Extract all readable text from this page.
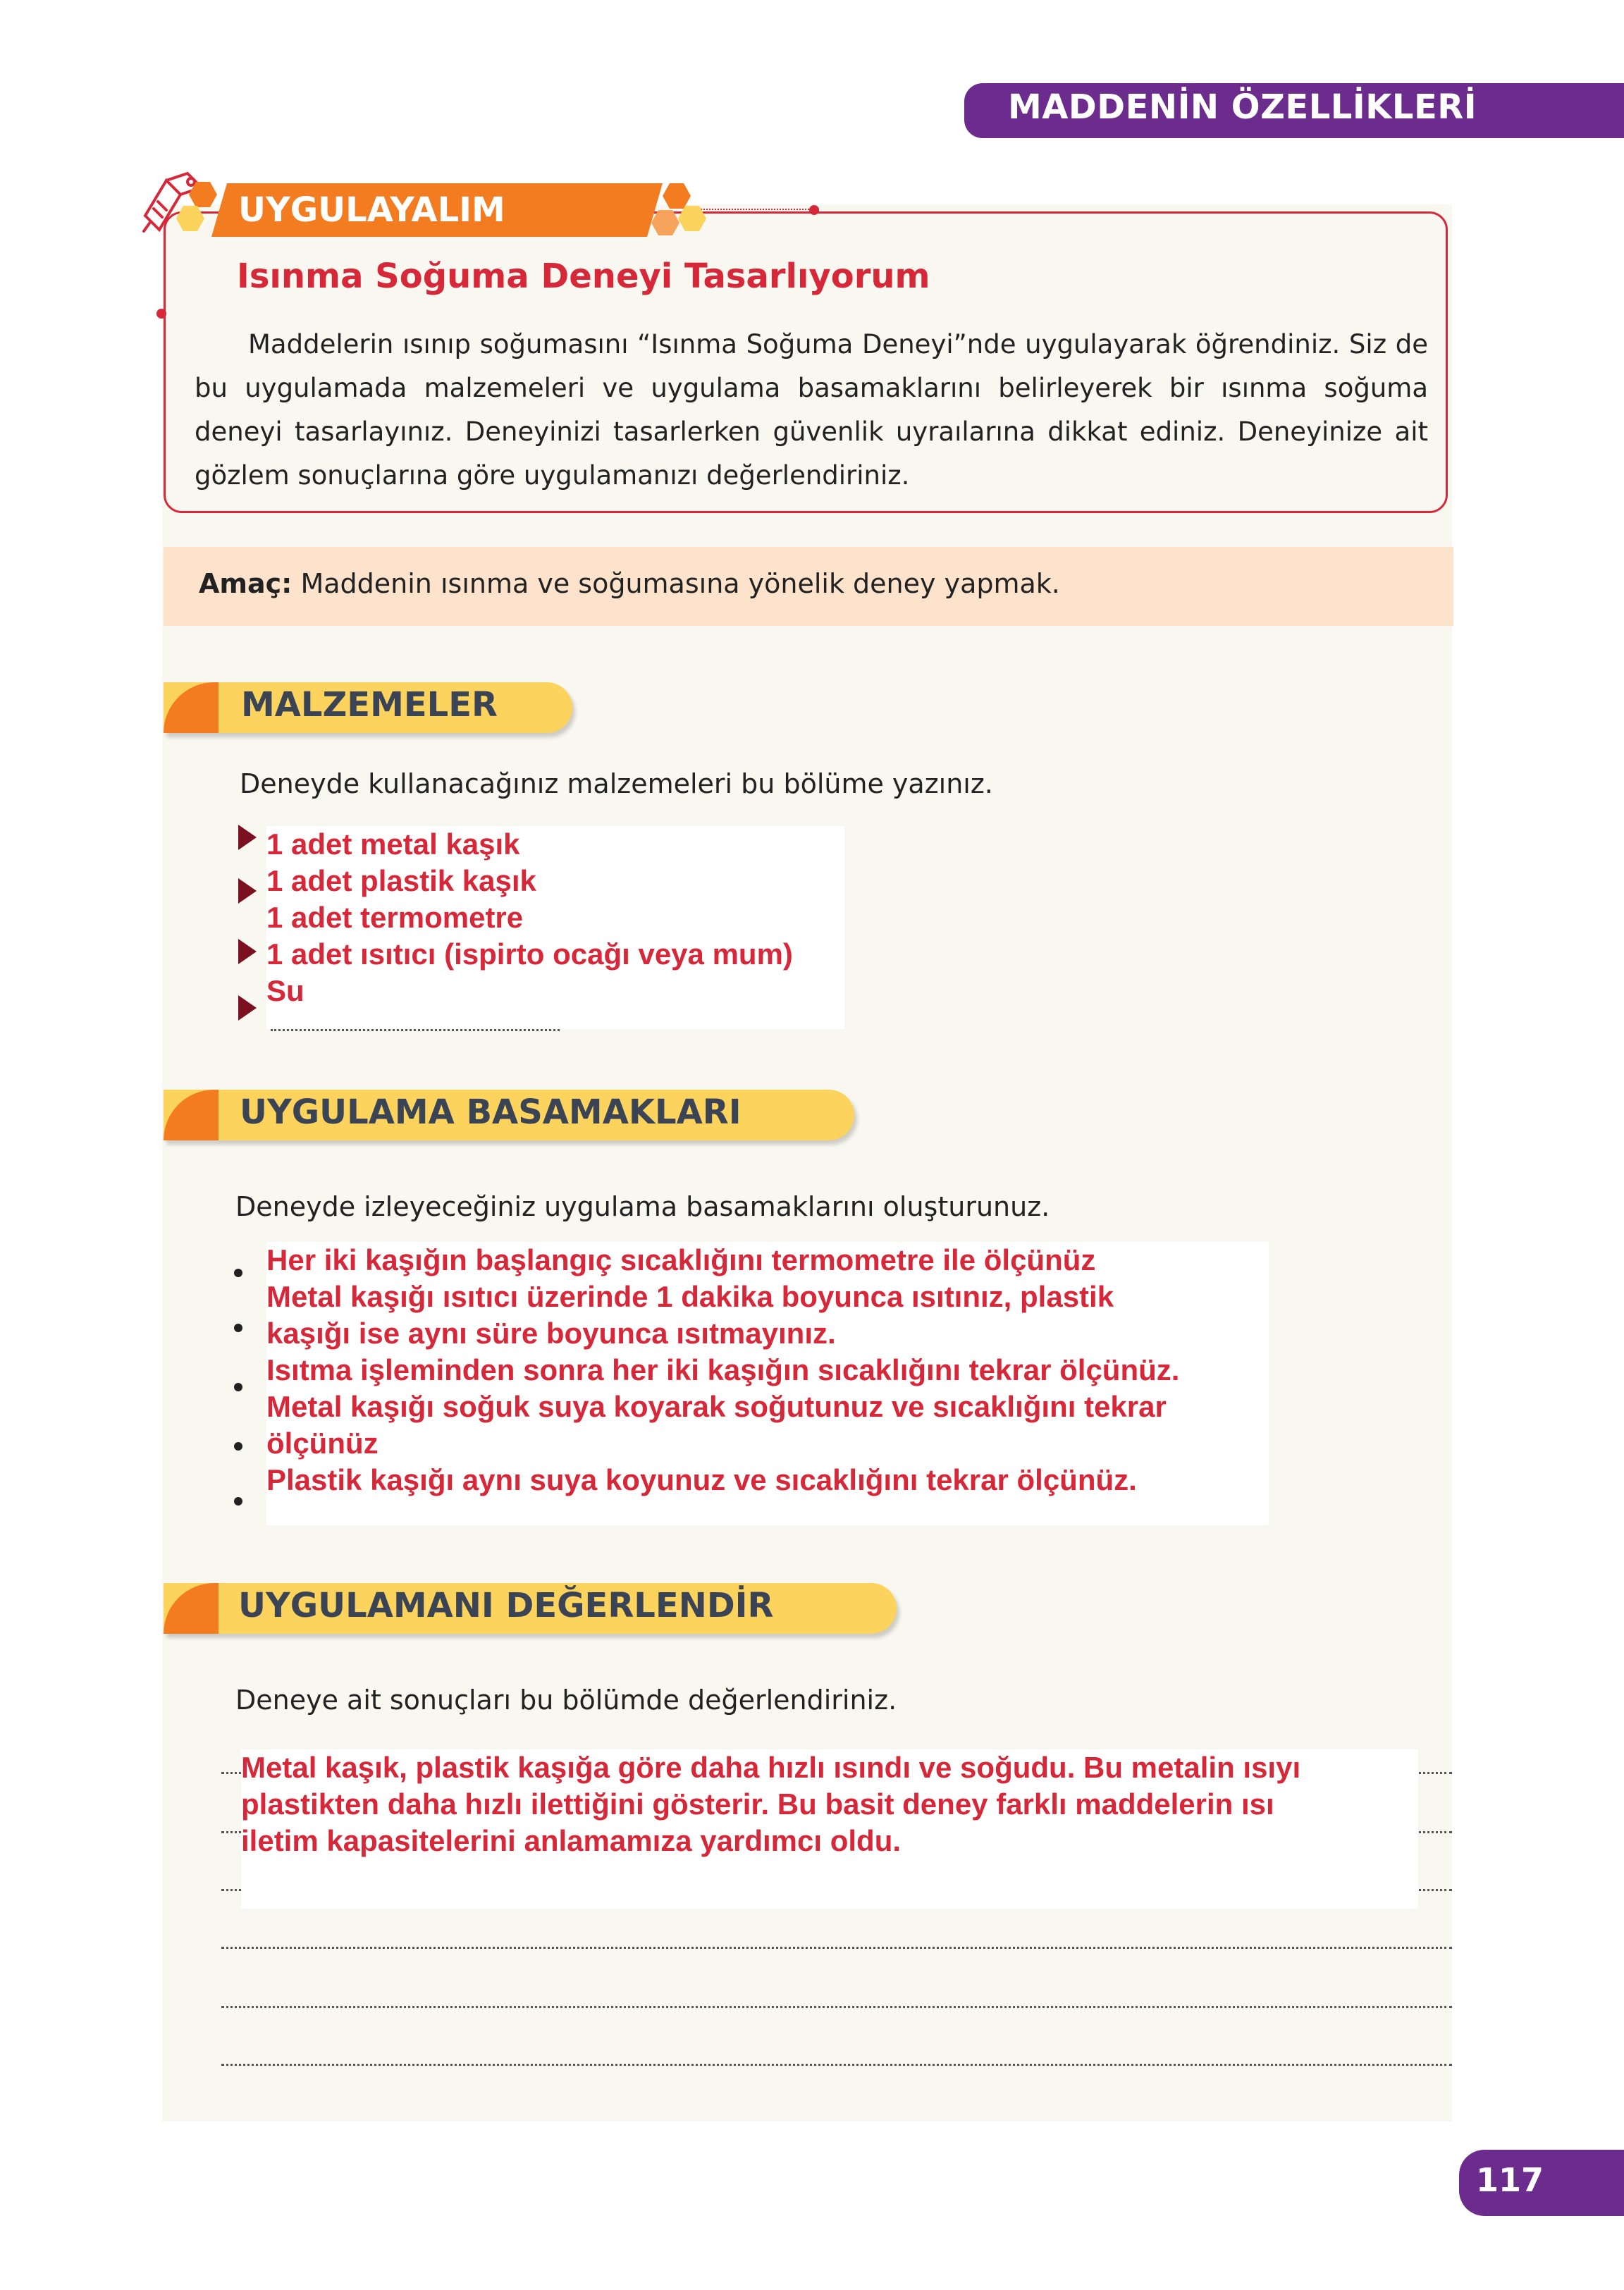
MADDENİN ÖZELLİKLERİ
UYGULAYALIM
Isınma Soğuma Deneyi Tasarlıyorum
Maddelerin ısınıp soğumasını “Isınma Soğuma Deneyi”nde uygulayarak öğrendiniz. Siz de bu uygulamada malzemeleri ve uygulama basamaklarını belirleyerek bir ısınma soğuma deneyi tasarlayınız. Deneyinizi tasarlerken güvenlik uyraılarına dikkat ediniz. Deneyinize ait gözlem sonuçlarına göre uygulamanızı değerlendiriniz.
Amaç: Maddenin ısınma ve soğumasına yönelik deney yapmak.
MALZEMELER
Deneyde kullanacağınız malzemeleri bu bölüme yazınız.
1 adet metal kaşık
1 adet plastik kaşık
1 adet termometre
1 adet ısıtıcı (ispirto ocağı veya mum)
Su
UYGULAMA BASAMAKLARI
Deneyde izleyeceğiniz uygulama basamaklarını oluşturunuz.
Her iki kaşığın başlangıç sıcaklığını termometre ile ölçünüz
Metal kaşığı ısıtıcı üzerinde 1 dakika boyunca ısıtınız, plastik
kaşığı ise aynı süre boyunca ısıtmayınız.
Isıtma işleminden sonra her iki kaşığın sıcaklığını tekrar ölçünüz.
Metal kaşığı soğuk suya koyarak soğutunuz ve sıcaklığını tekrar
ölçünüz
Plastik kaşığı aynı suya koyunuz ve sıcaklığını tekrar ölçünüz.
UYGULAMANI DEĞERLENDİR
Deneye ait sonuçları bu bölümde değerlendiriniz.
Metal kaşık, plastik kaşığa göre daha hızlı ısındı ve soğudu. Bu metalin ısıyı
plastikten daha hızlı ilettiğini gösterir. Bu basit deney farklı maddelerin ısı
iletim kapasitelerini anlamamıza yardımcı oldu.
117
